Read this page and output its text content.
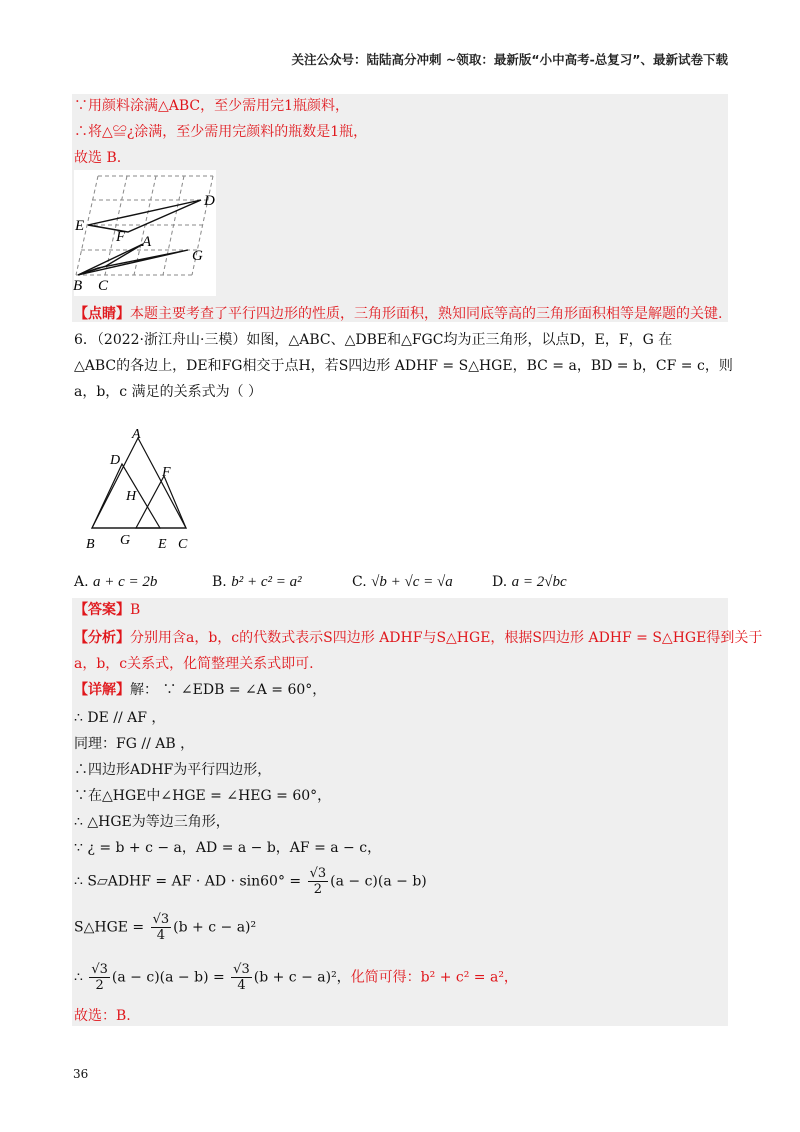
关注公众号：陆陆高分冲刺 ~领取：最新版“小中高考-总复习”、最新试卷下载
∵用颜料涂满△ABC，至少需用完1瓶颜料，
∴将△≌¿涂满，至少需用完颜料的瓶数是1瓶，
故选 B.
D
E
F A
G
B C
【点睛】本题主要考查了平行四边形的性质，三角形面积，熟知同底等高的三角形面积相等是解题的关键.
6．（2022·浙江舟山·三模）如图，△ABC、△DBE和△FGC均为正三角形，以点D，E，F，G 在
△ABC的各边上，DE和FG相交于点H，若S四边形 ADHF = S△HGE，BC = a，BD = b，CF = c，则
a，b，c 满足的关系式为（ ）
A
D
F
H
B G E C
A. a + c = 2b	B. b² + c² = a²	C. √b + √c = √a	D. a = 2√bc
【答案】B
【分析】分别用含a，b，c的代数式表示S四边形 ADHF与S△HGE，根据S四边形 ADHF = S△HGE得到关于
a，b，c关系式，化简整理关系式即可.
【详解】解： ∵ ∠EDB = ∠A = 60°，
∴ DE // AF ，
同理：FG // AB ，
∴四边形ADHF为平行四边形，
∵在△HGE中∠HGE = ∠HEG = 60°，
∴ △HGE为等边三角形，
∵ ¿ = b + c − a，AD = a − b，AF = a − c，
∴ S▱ADHF = AF · AD · $\sin 60^\circ = \frac{√3}{2} (a - c)(a - b)$
S△HGE = $\frac{√3}{4} (b + c - a)^2$
∴ $\frac{√3}{2} (a - c)(a - b) = \frac{√3}{4} (b + c - a)^2$，化简可得：b² + c² = a²，
故选：B.
36
